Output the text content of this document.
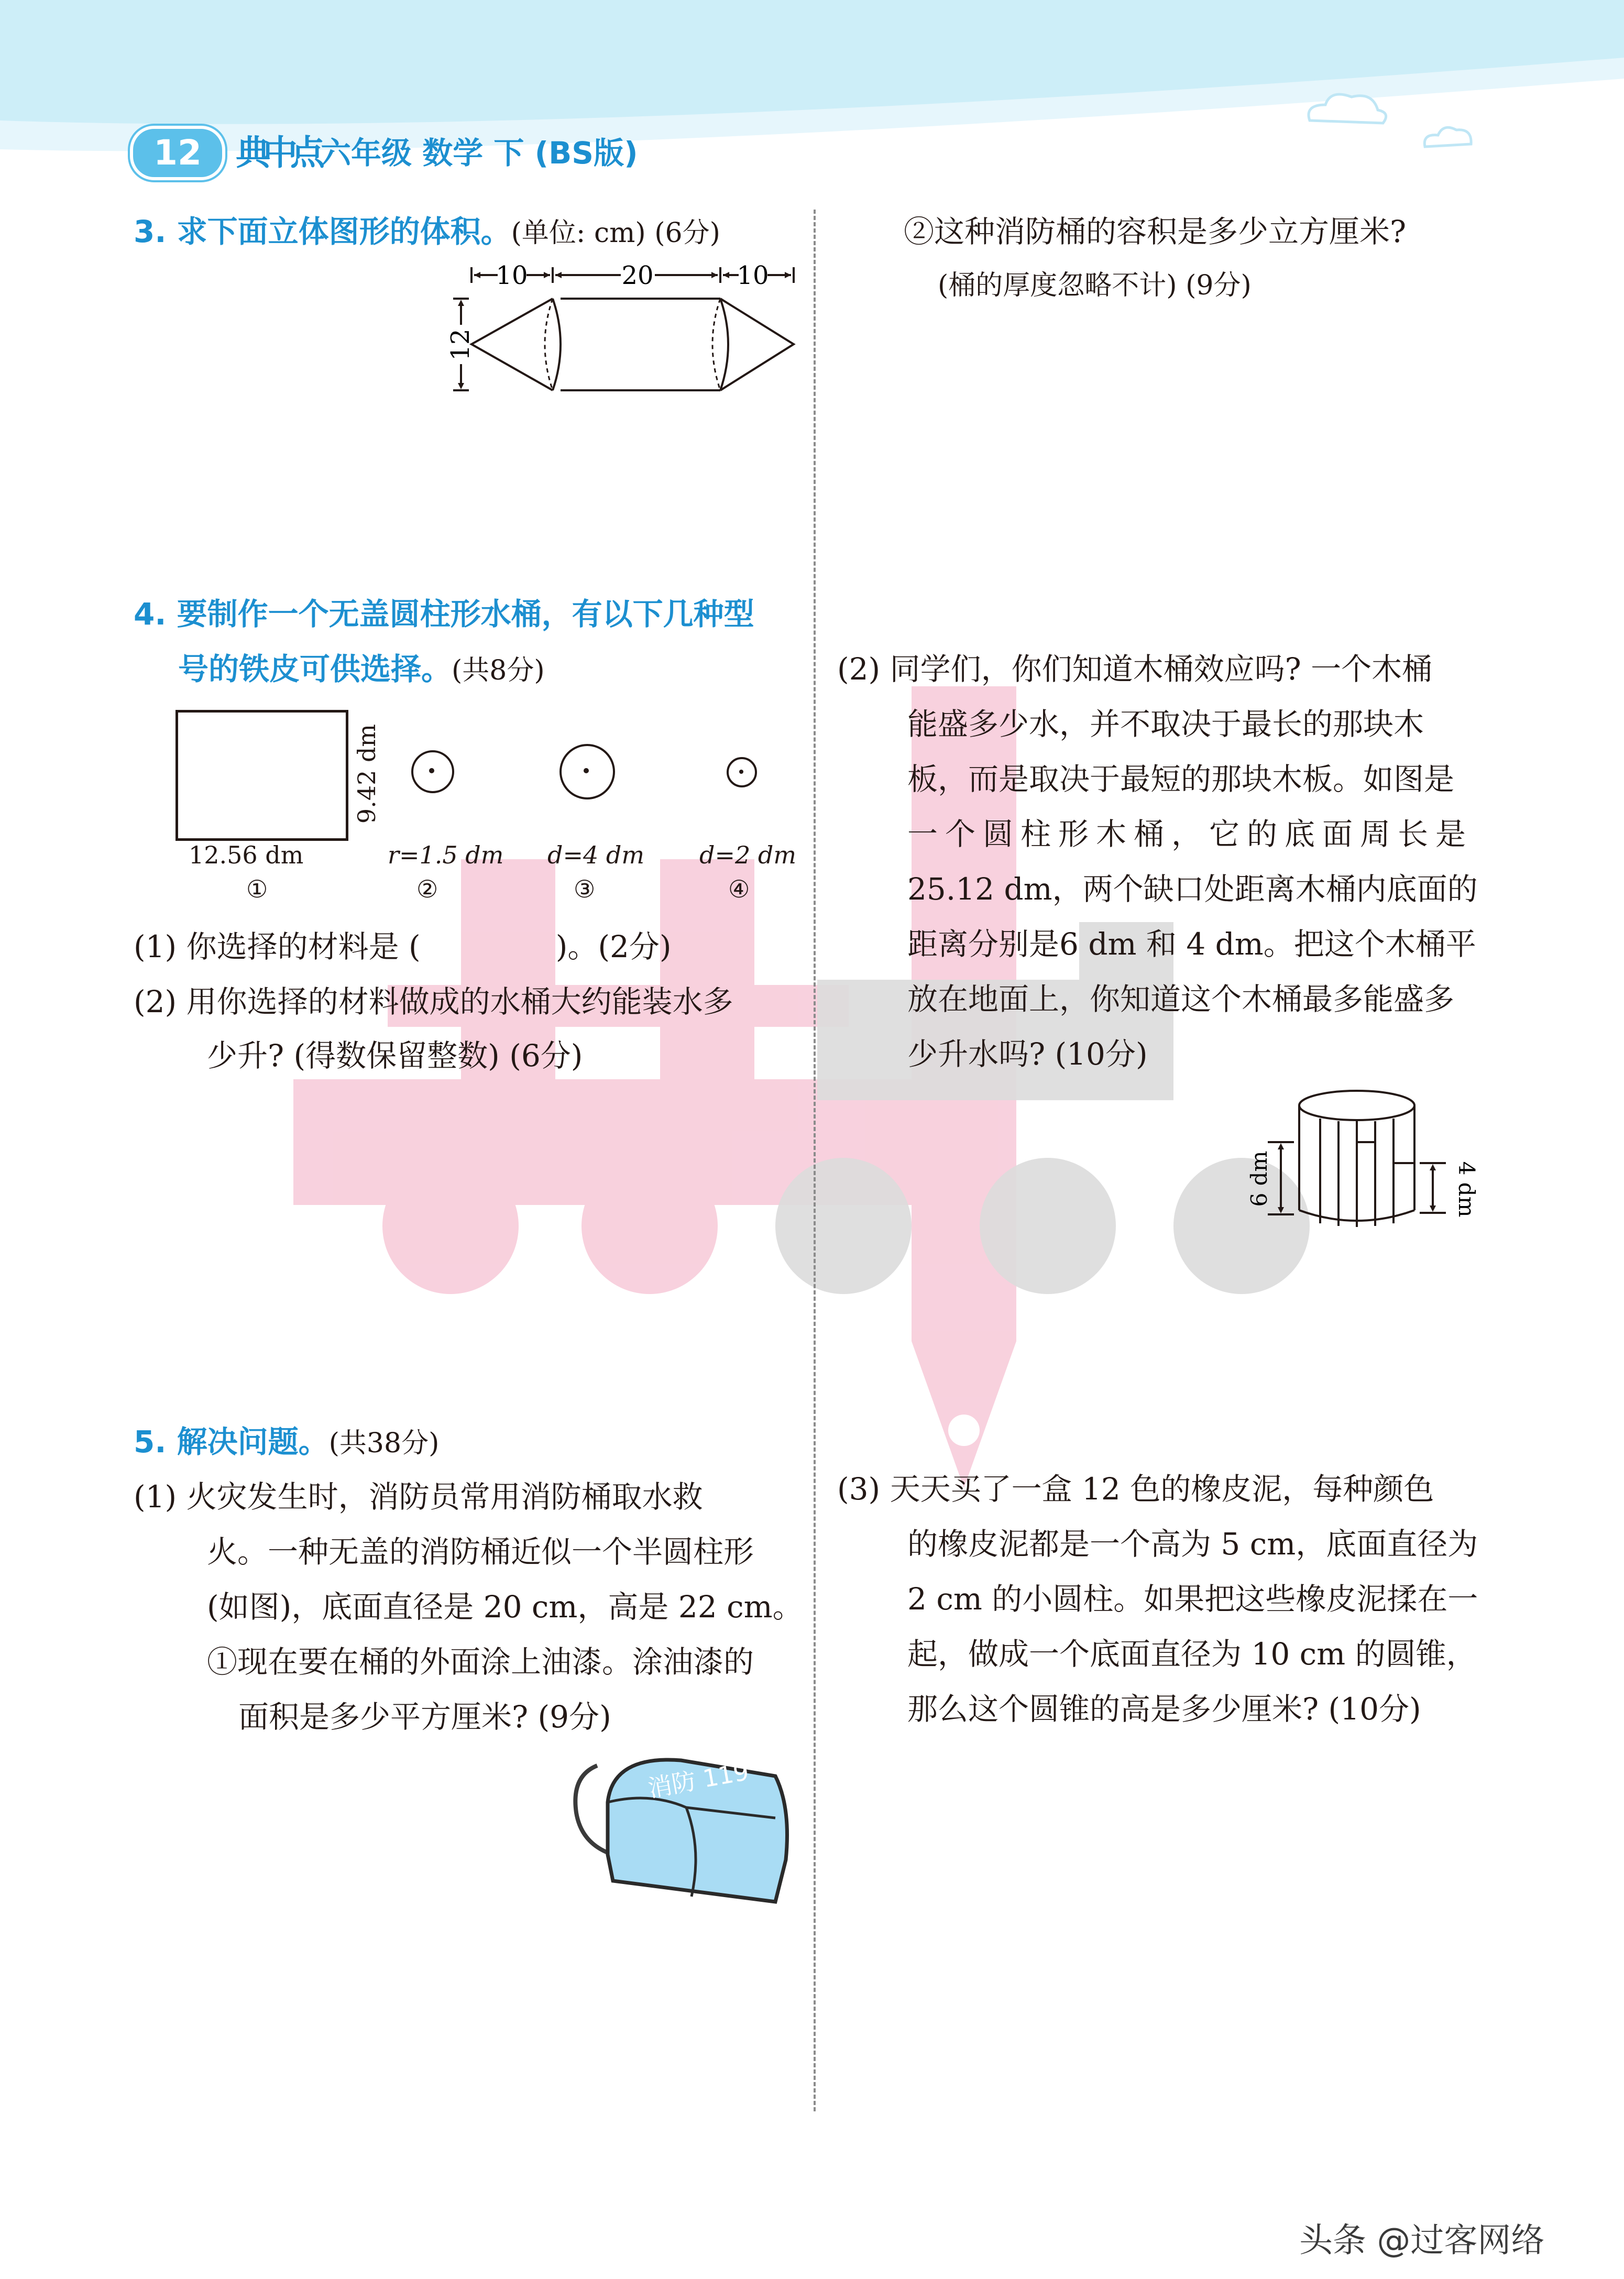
12 典中点 六年级 数学 下 (BS版)
3. 求下面立体图形的体积。(单位: cm) (6分)
10	20	10
12
4. 要制作一个无盖圆柱形水桶，有以下几种型
号的铁皮可供选择。(共8分)
9.42 dm
12.56 dm
①
r=1.5 dm
②
d=4 dm
③
d=2 dm
④
(1) 你选择的材料是 (              )。(2分)
(2) 用你选择的材料做成的水桶大约能装水多
少升? (得数保留整数) (6分)
5. 解决问题。(共38分)
(1) 火灾发生时，消防员常用消防桶取水救
火。一种无盖的消防桶近似一个半圆柱形
(如图)，底面直径是 20 cm，高是 22 cm。
①现在要在桶的外面涂上油漆。涂油漆的
面积是多少平方厘米? (9分)
消防 119
②这种消防桶的容积是多少立方厘米?
(桶的厚度忽略不计) (9分)
(2) 同学们，你们知道木桶效应吗? 一个木桶
能盛多少水，并不取决于最长的那块木
板，而是取决于最短的那块木板。如图是
一个圆柱形木桶，它的底面周长是
25.12 dm，两个缺口处距离木桶内底面的
距离分别是6 dm 和 4 dm。把这个木桶平
放在地面上，你知道这个木桶最多能盛多
少升水吗? (10分)
6 dm	4 dm
(3) 天天买了一盒 12 色的橡皮泥，每种颜色
的橡皮泥都是一个高为 5 cm，底面直径为
2 cm 的小圆柱。如果把这些橡皮泥揉在一
起，做成一个底面直径为 10 cm 的圆锥，
那么这个圆锥的高是多少厘米? (10分)
头条 @过客网络
